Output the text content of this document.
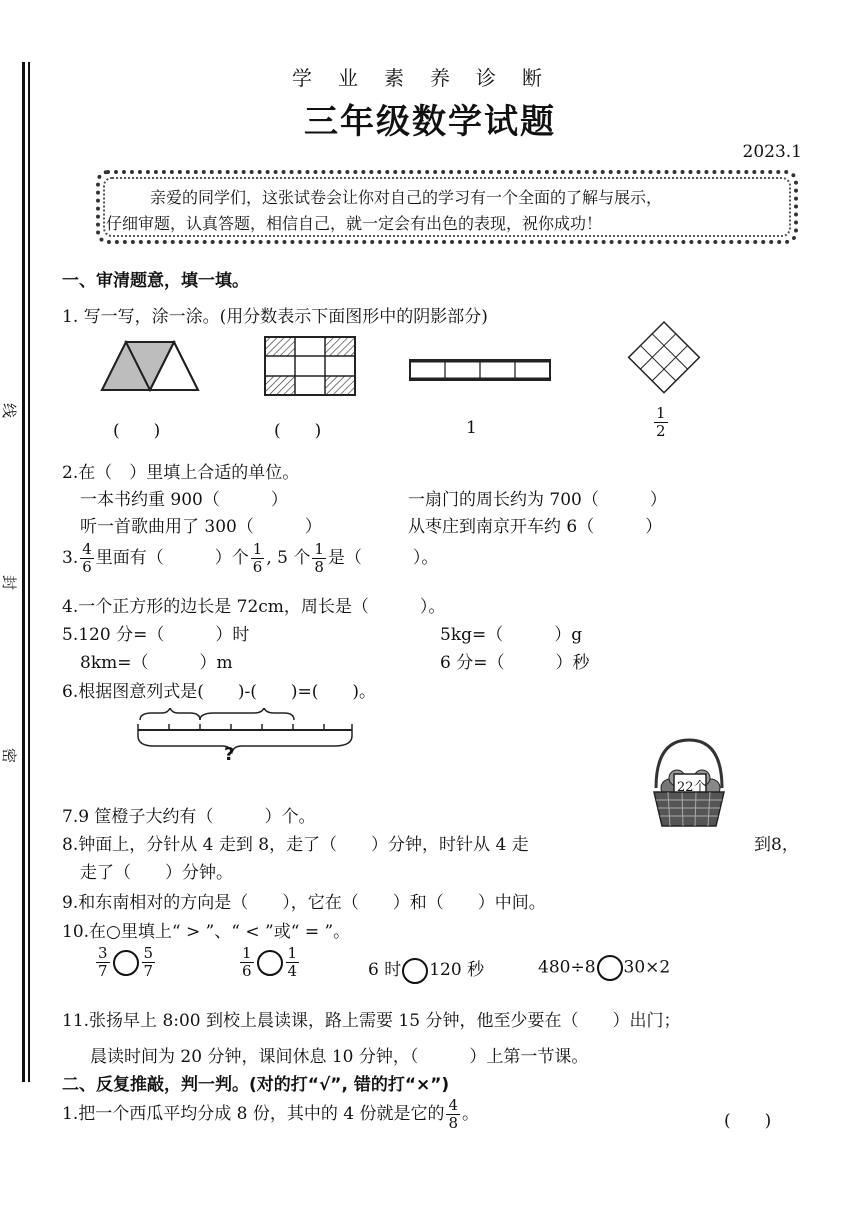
线
封
密
学业素养诊断
三年级数学试题
2023.1
亲爱的同学们，这张试卷会让你对自己的学习有一个全面的了解与展示，
仔细审题，认真答题，相信自己，就一定会有出色的表现，祝你成功！
一、审清题意，填一填。
1. 写一写，涂一涂。(用分数表示下面图形中的阴影部分)
(　　)	(　　)	1	$\frac{1}{2}$
2.在（　）里填上合适的单位。
一本书约重 900（　　　）	一扇门的周长约为 700（　　　）
听一首歌曲用了 300（　　　）	从枣庄到南京开车约 6（　　　）
3. $\frac{4}{6}$ 里面有（　　　）个 $\frac{1}{6}$ , 5 个 $\frac{1}{8}$ 是（　　　）。
4.一个正方形的边长是 72cm，周长是（　　　）。
5.120 分=（　　　）时	5kg=（　　　）g
8km=（　　　）m	6 分=（　　　）秒
6.根据图意列式是(　　)-(　　)=(　　)。
?
22个
7.9 筐橙子大约有（　　　）个。
8.钟面上，分针从 4 走到 8，走了（　　）分钟，时针从 4 走	到8，
走了（　　）分钟。
9.和东南相对的方向是（　　），它在（　　）和（　　）中间。
10.在○里填上“ > ”、“ < ”或“ = ”。
$\frac{3}{7} \frac{5}{7}$	$\frac{1}{6} \frac{1}{4}$	6 时 120 秒	480÷8 30×2
11.张扬早上 8:00 到校上晨读课，路上需要 15 分钟，他至少要在（　　）出门；
晨读时间为 20 分钟，课间休息 10 分钟，（　　　）上第一节课。
二、反复推敲，判一判。(对的打“√”, 错的打“×”)
1.把一个西瓜平均分成 8 份，其中的 4 份就是它的 $\frac{4}{8}$ 。	(　　)
